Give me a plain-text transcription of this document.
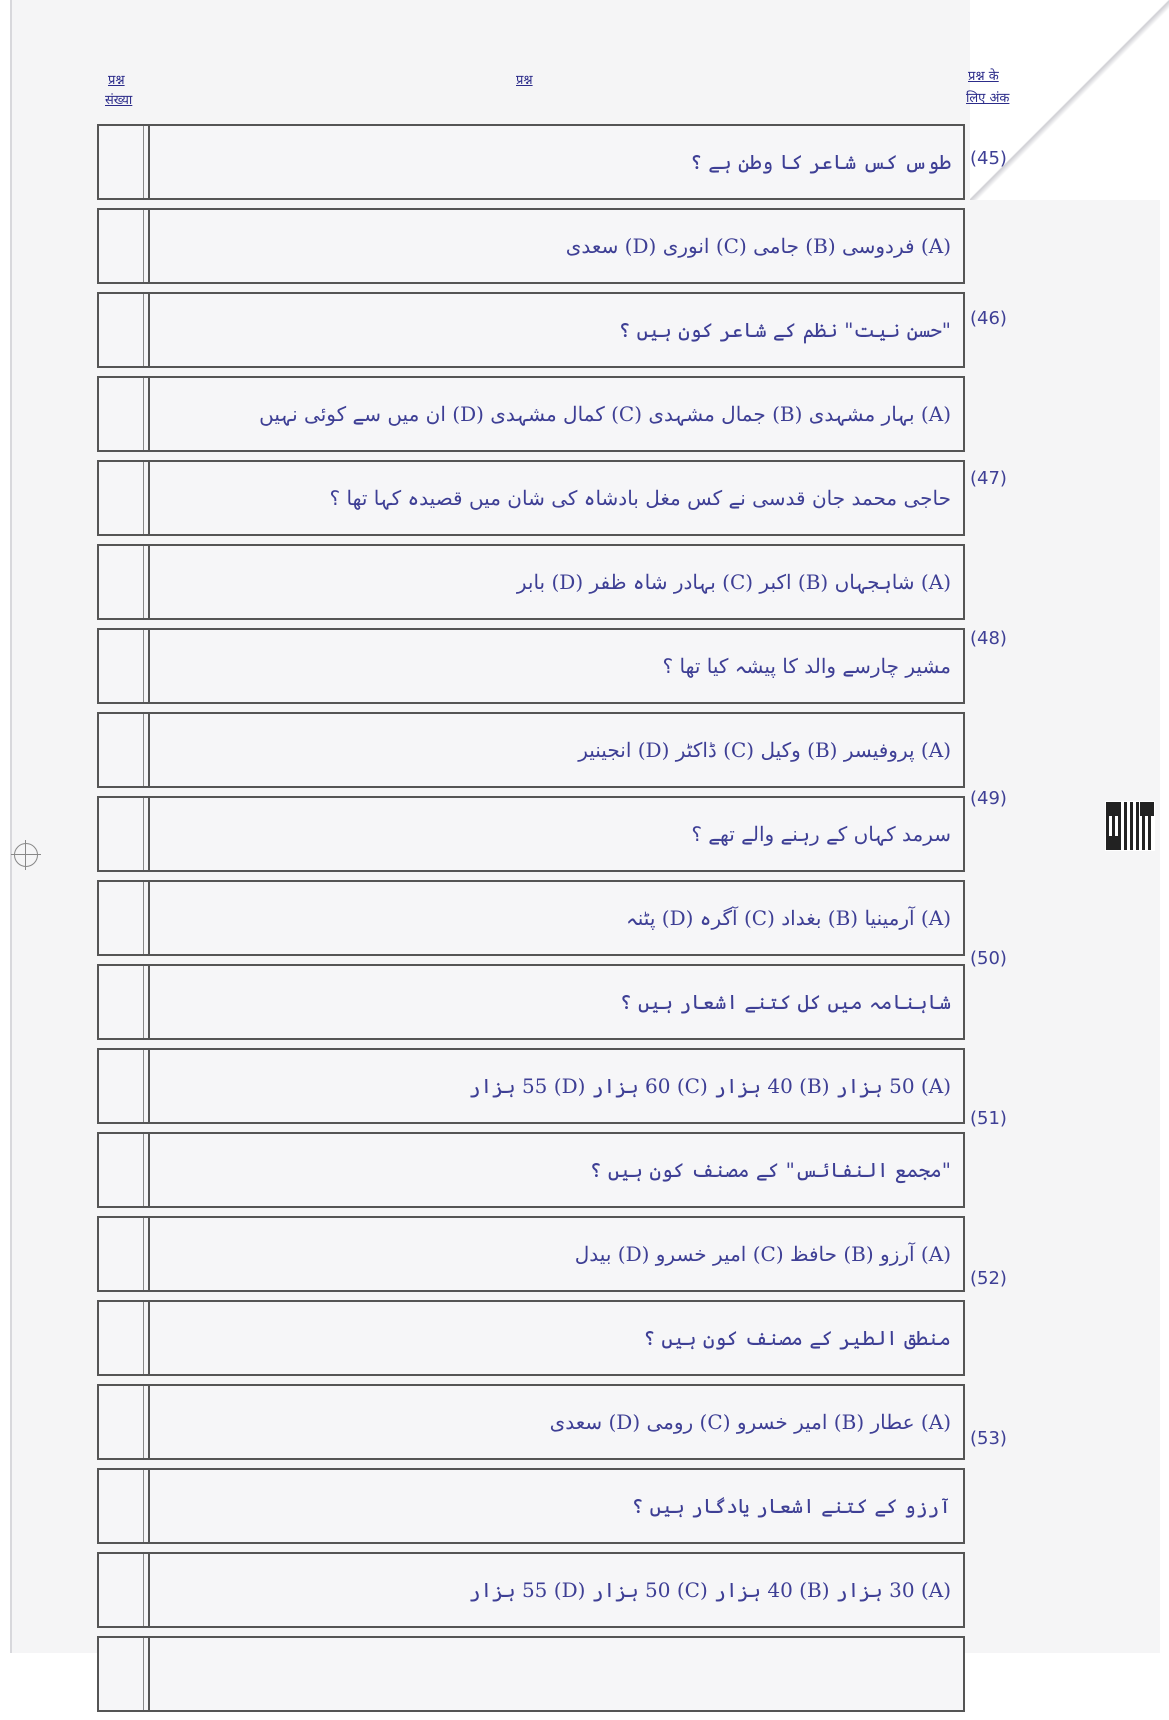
प्रश्न
संख्या
प्रश्न	प्रश्न के
लिए अंक
طوس کس شاعر کا وطن ہے ؟
(A) فردوسی (B) جامی (C) انوری (D) سعدی
"حسن نیت" نظم کے شاعر کون ہیں ؟
(A) بہار مشہدی (B) جمال مشہدی (C) کمال مشہدی (D) ان میں سے کوئی نہیں
حاجی محمد جان قدسی نے کس مغل بادشاہ کی شان میں قصیدہ کہا تھا ؟
(A) شاہجہاں (B) اکبر (C) بہادر شاہ ظفر (D) بابر
مشیر چارسے والد کا پیشہ کیا تھا ؟
(A) پروفیسر (B) وکیل (C) ڈاکٹر (D) انجینیر
سرمد کہاں کے رہنے والے تھے ؟
(A) آرمینیا (B) بغداد (C) آگرہ (D) پٹنہ
شاہنامہ میں کل کتنے اشعار ہیں ؟
(A) 50 ہزار (B) 40 ہزار (C) 60 ہزار (D) 55 ہزار
"مجمع النفائس" کے مصنف کون ہیں ؟
(A) آرزو (B) حافظ (C) امیر خسرو (D) بیدل
منطق الطیر کے مصنف کون ہیں ؟
(A) عطار (B) امیر خسرو (C) رومی (D) سعدی
آرزو کے کتنے اشعار یادگار ہیں ؟
(A) 30 ہزار (B) 40 ہزار (C) 50 ہزار (D) 55 ہزار
(45)
(46)
(47)
(48)
(49)
(50)
(51)
(52)
(53)
